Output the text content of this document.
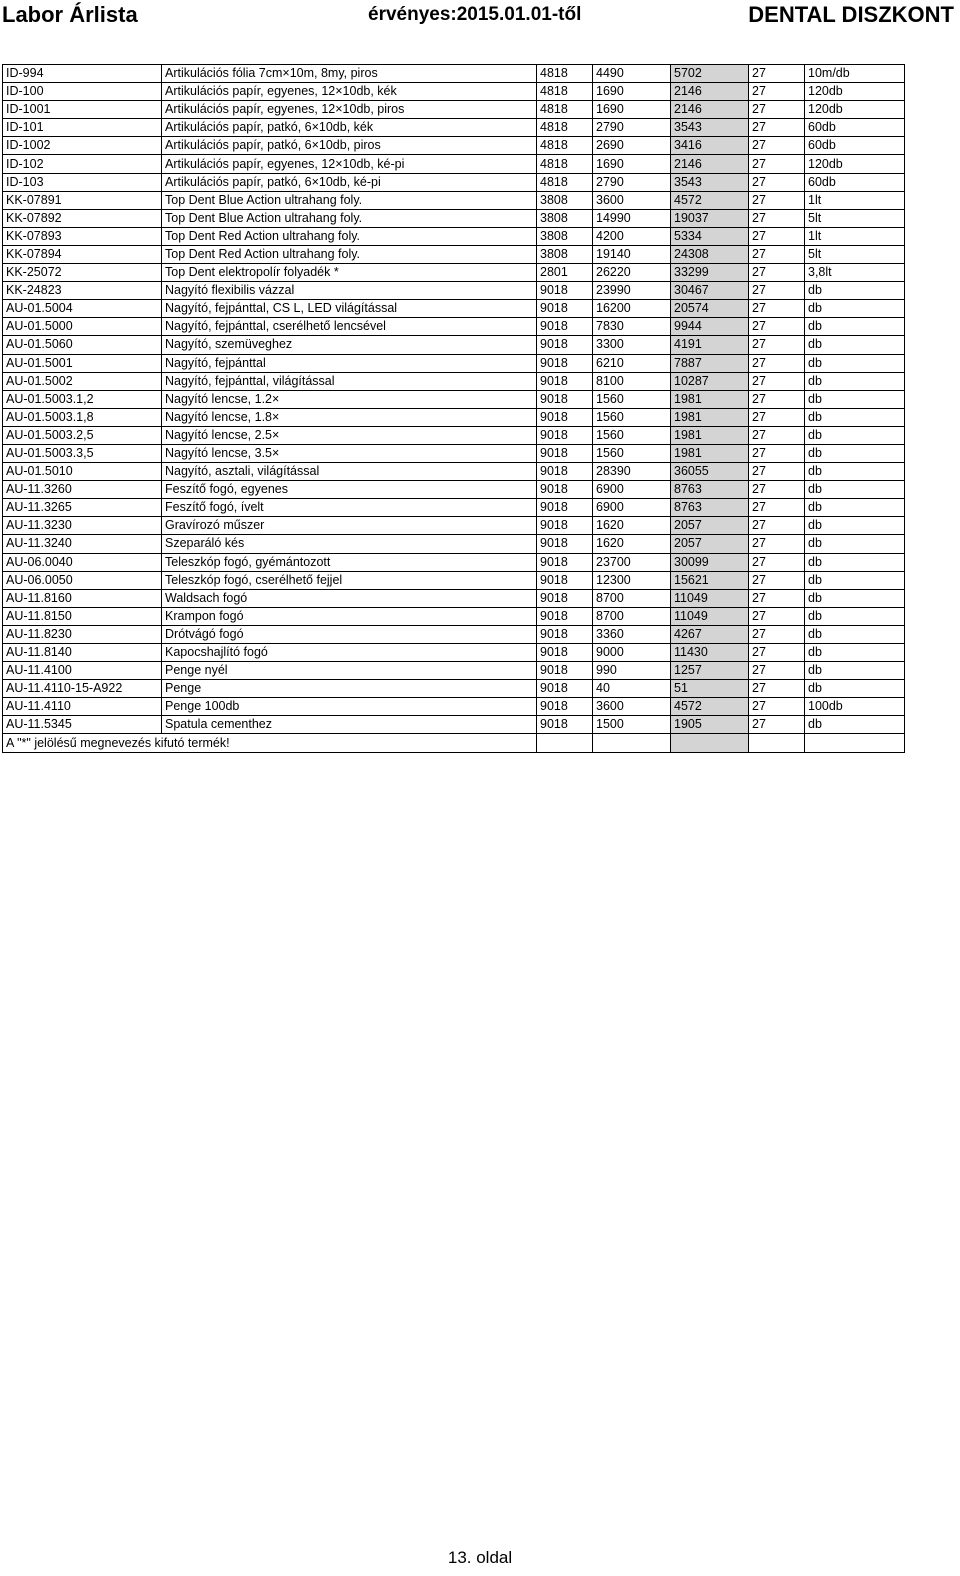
Labor Árlista	érvényes:2015.01.01-től	DENTAL DISZKONT
ID-994	Artikulációs fólia 7cm×10m, 8my, piros	4818	4490	5702	27	10m/db
ID-100	Artikulációs papír, egyenes, 12×10db, kék	4818	1690	2146	27	120db
ID-1001	Artikulációs papír, egyenes, 12×10db, piros	4818	1690	2146	27	120db
ID-101	Artikulációs papír, patkó, 6×10db, kék	4818	2790	3543	27	60db
ID-1002	Artikulációs papír, patkó, 6×10db, piros	4818	2690	3416	27	60db
ID-102	Artikulációs papír, egyenes, 12×10db, ké-pi	4818	1690	2146	27	120db
ID-103	Artikulációs papír, patkó, 6×10db, ké-pi	4818	2790	3543	27	60db
KK-07891	Top Dent Blue Action ultrahang foly.	3808	3600	4572	27	1lt
KK-07892	Top Dent Blue Action ultrahang foly.	3808	14990	19037	27	5lt
KK-07893	Top Dent Red Action ultrahang foly.	3808	4200	5334	27	1lt
KK-07894	Top Dent Red Action ultrahang foly.	3808	19140	24308	27	5lt
KK-25072	Top Dent elektropolír folyadék *	2801	26220	33299	27	3,8lt
KK-24823	Nagyító flexibilis vázzal	9018	23990	30467	27	db
AU-01.5004	Nagyító, fejpánttal, CS L, LED világítással	9018	16200	20574	27	db
AU-01.5000	Nagyító, fejpánttal, cserélhető lencsével	9018	7830	9944	27	db
AU-01.5060	Nagyító, szemüveghez	9018	3300	4191	27	db
AU-01.5001	Nagyító, fejpánttal	9018	6210	7887	27	db
AU-01.5002	Nagyító, fejpánttal, világítással	9018	8100	10287	27	db
AU-01.5003.1,2	Nagyító lencse, 1.2×	9018	1560	1981	27	db
AU-01.5003.1,8	Nagyító lencse, 1.8×	9018	1560	1981	27	db
AU-01.5003.2,5	Nagyító lencse, 2.5×	9018	1560	1981	27	db
AU-01.5003.3,5	Nagyító lencse, 3.5×	9018	1560	1981	27	db
AU-01.5010	Nagyító, asztali, világítással	9018	28390	36055	27	db
AU-11.3260	Feszítő fogó, egyenes	9018	6900	8763	27	db
AU-11.3265	Feszítő fogó, ívelt	9018	6900	8763	27	db
AU-11.3230	Gravírozó műszer	9018	1620	2057	27	db
AU-11.3240	Szeparáló kés	9018	1620	2057	27	db
AU-06.0040	Teleszkóp fogó, gyémántozott	9018	23700	30099	27	db
AU-06.0050	Teleszkóp fogó, cserélhető fejjel	9018	12300	15621	27	db
AU-11.8160	Waldsach fogó	9018	8700	11049	27	db
AU-11.8150	Krampon fogó	9018	8700	11049	27	db
AU-11.8230	Drótvágó fogó	9018	3360	4267	27	db
AU-11.8140	Kapocshajlító fogó	9018	9000	11430	27	db
AU-11.4100	Penge nyél	9018	990	1257	27	db
AU-11.4110-15-A922	Penge	9018	40	51	27	db
AU-11.4110	Penge 100db	9018	3600	4572	27	100db
AU-11.5345	Spatula cementhez	9018	1500	1905	27	db
A "*" jelölésű megnevezés kifutó termék!						
13. oldal
